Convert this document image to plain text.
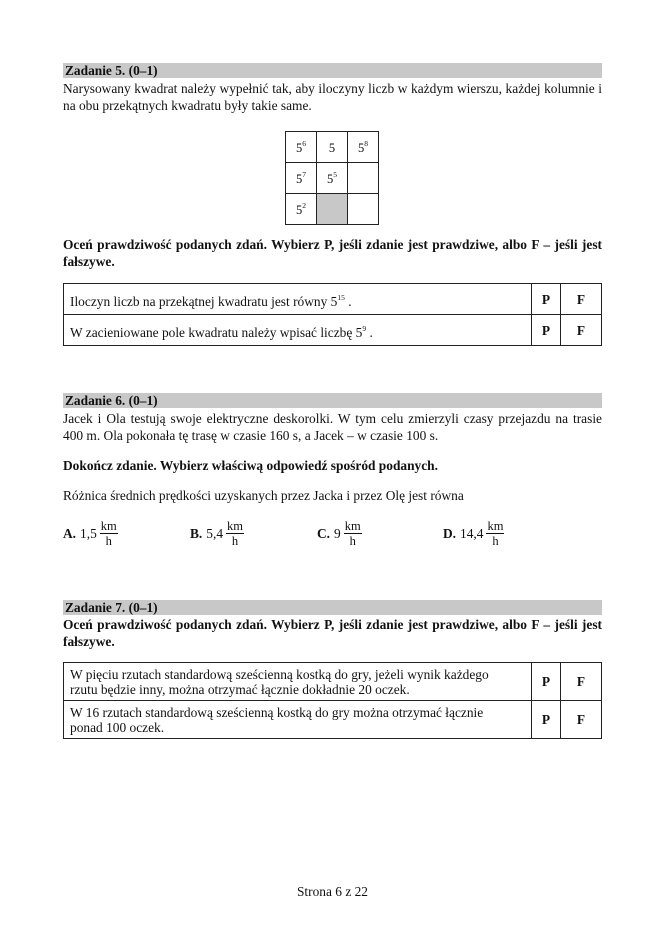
Zadanie 5. (0–1)
Narysowany kwadrat należy wypełnić tak, aby iloczyny liczb w każdym wierszu, każdej kolumnie i na obu przekątnych kwadratu były takie same.
$5^6$	5	$5^8$
$5^7$	$5^5$	
$5^2$		
Oceń prawdziwość podanych zdań. Wybierz P, jeśli zdanie jest prawdziwe, albo F – jeśli jest fałszywe.
Iloczyn liczb na przekątnej kwadratu jest równy $5^{15}$ .	P	F
W zacieniowane pole kwadratu należy wpisać liczbę $5^9$ .	P	F
Zadanie 6. (0–1)
Jacek i Ola testują swoje elektryczne deskorolki. W tym celu zmierzyli czasy przejazdu na trasie 400 m. Ola pokonała tę trasę w czasie 160 s, a Jacek – w czasie 100 s.
Dokończ zdanie. Wybierz właściwą odpowiedź spośród podanych.
Różnica średnich prędkości uzyskanych przez Jacka i przez Olę jest równa
A. $1,5 \frac{km}{h}$	B. $5,4 \frac{km}{h}$	C. $9 \frac{km}{h}$	D. $14,4 \frac{km}{h}$
Zadanie 7. (0–1)
Oceń prawdziwość podanych zdań. Wybierz P, jeśli zdanie jest prawdziwe, albo F – jeśli jest fałszywe.
W pięciu rzutach standardową sześcienną kostką do gry, jeżeli wynik każdego rzutu będzie inny, można otrzymać łącznie dokładnie 20 oczek.	P	F
W 16 rzutach standardową sześcienną kostką do gry można otrzymać łącznie ponad 100 oczek.	P	F
Strona 6 z 22
